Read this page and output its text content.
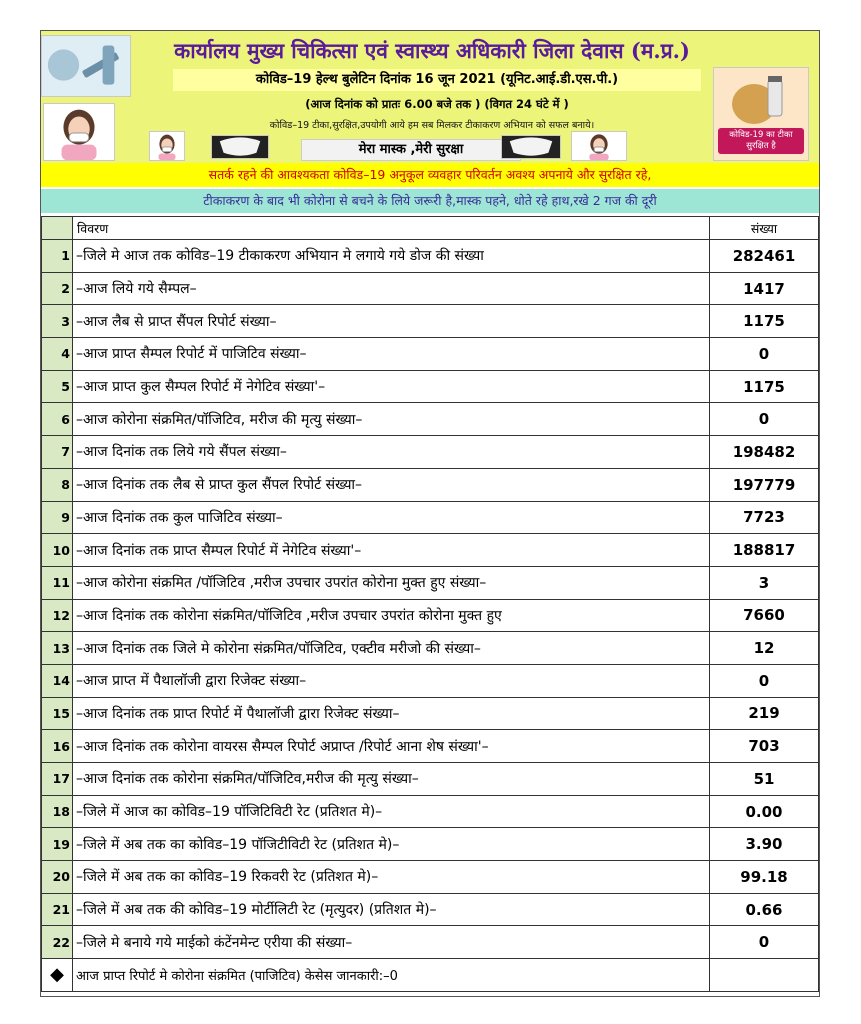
मेरा मास्क ,मेरी सुरक्षा
कोविड-19 का टीका सुरक्षित है
कार्यालय मुख्य चिकित्सा एवं स्वास्थ्य अधिकारी जिला देवास (म.प्र.)
कोविड–19 हेल्थ बुलेटिन दिनांक 16 जून 2021 (यूनिट.आई.डी.एस.पी.)
(आज दिनांक को प्रातः 6.00 बजे तक ) (विगत 24 घंटे में )
कोविड–19 टीका,सुरक्षित,उपयोगी आये हम सब मिलकर टीकाकरण अभियान को सफल बनाये।
सतर्क रहने की आवश्यकता कोविड–19 अनुकूल व्यवहार परिवर्तन अवश्य अपनाये और सुरक्षित रहे,
टीकाकरण के बाद भी कोरोना से बचने के लिये जरूरी है,मास्क पहने, धोते रहे हाथ,रखे 2 गज की दूरी
	विवरण	संख्या
1	–जिले मे आज तक कोविड–19 टीकाकरण अभियान मे लगाये गये डोज की संख्या	282461
2	–आज लिये गये सैम्पल–	1417
3	–आज लैब से प्राप्त सैंपल रिपोर्ट संख्या–	1175
4	–आज प्राप्त सैम्पल रिपोर्ट में पाजिटिव संख्या–	0
5	–आज प्राप्त कुल सैम्पल रिपोर्ट में नेगेटिव संख्या'–	1175
6	–आज कोरोना संक्रमित/पॉजिटिव, मरीज की मृत्यु संख्या–	0
7	–आज दिनांक तक लिये गये सैंपल संख्या–	198482
8	–आज दिनांक तक लैब से प्राप्त कुल सैंपल रिपोर्ट संख्या–	197779
9	–आज दिनांक तक कुल पाजिटिव संख्या–	7723
10	–आज दिनांक तक प्राप्त सैम्पल रिपोर्ट में नेगेटिव संख्या'–	188817
11	–आज कोरोना संक्रमित /पॉजिटिव ,मरीज उपचार उपरांत कोरोना मुक्त हुए संख्या–	3
12	–आज दिनांक तक कोरोना संक्रमित/पॉजिटिव ,मरीज उपचार उपरांत कोरोना मुक्त हुए	7660
13	–आज दिनांक तक जिले मे कोरोना संक्रमित/पॉजिटिव, एक्टीव मरीजो की संख्या–	12
14	–आज प्राप्त में पैथालॉजी द्वारा रिजेक्ट संख्या–	0
15	–आज दिनांक तक प्राप्त रिपोर्ट में पैथालॉजी द्वारा रिजेक्ट संख्या–	219
16	–आज दिनांक तक कोरोना वायरस सैम्पल रिपोर्ट अप्राप्त /रिपोर्ट आना शेष संख्या'–	703
17	–आज दिनांक तक कोरोना संक्रमित/पॉजिटिव,मरीज की मृत्यु संख्या–	51
18	–जिले में आज का कोविड–19 पॉजिटिविटी रेट (प्रतिशत मे)–	0.00
19	–जिले में अब तक का कोविड–19 पॉजिटीविटी रेट (प्रतिशत मे)–	3.90
20	–जिले में अब तक का कोविड–19 रिकवरी रेट (प्रतिशत मे)–	99.18
21	–जिले में अब तक की कोविड–19 मोर्टीलिटी रेट (मृत्युदर) (प्रतिशत मे)–	0.66
22	–जिले मे बनाये गये माईको कंटेंनमेन्ट एरीया की संख्या–	0
◆	आज प्राप्त रिपोर्ट मे कोरोना संक्रमित (पाजिटिव) केसेस जानकारी:–0	
